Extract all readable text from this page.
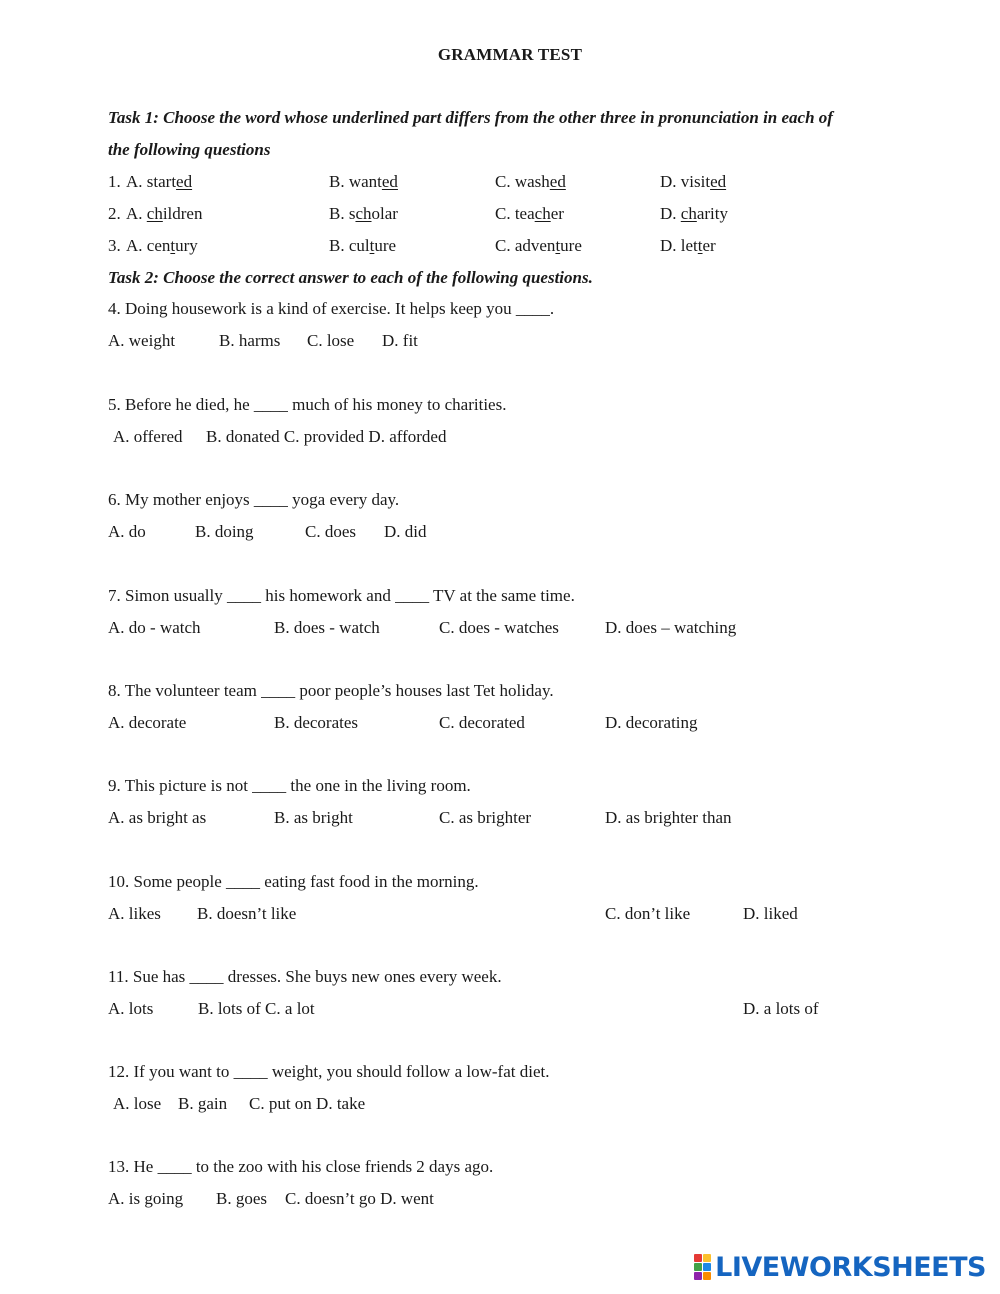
GRAMMAR TEST
Task 1: Choose the word whose underlined part differs from the other three in pronunciation in each of
the following questions
1. A. started	B. wanted	C. washed	D. visited
2. A. children	B. scholar	C. teacher	D. charity
3. A. century	B. culture	C. adventure	D. letter
Task 2: Choose the correct answer to each of the following questions.
4. Doing housework is a kind of exercise. It helps keep you ____.
A. weight	B. harms C. lose D. fit
5. Before he died, he ____ much of his money to charities.
A. offered B. donated C. provided D. afforded
6. My mother enjoys ____ yoga every day.
A. do	B. doing	C. does D. did
7. Simon usually ____ his homework and ____ TV at the same time.
A. do - watch	B. does - watch	C. does - watches	D. does – watching
8. The volunteer team ____ poor people’s houses last Tet holiday.
A. decorate	B. decorates	C. decorated	D. decorating
9. This picture is not ____ the one in the living room.
A. as bright as	B. as bright	C. as brighter	D. as brighter than
10. Some people ____ eating fast food in the morning.
A. likes B. doesn’t like	C. don’t like	D. liked
11. Sue has ____ dresses. She buys new ones every week.
A. lots	B. lots of C. a lot	D. a lots of
12. If you want to ____ weight, you should follow a low-fat diet.
A. lose B. gain C. put on D. take
13. He ____ to the zoo with his close friends 2 days ago.
A. is going B. goes C. doesn’t go D. went
LIVEWORKSHEETS
